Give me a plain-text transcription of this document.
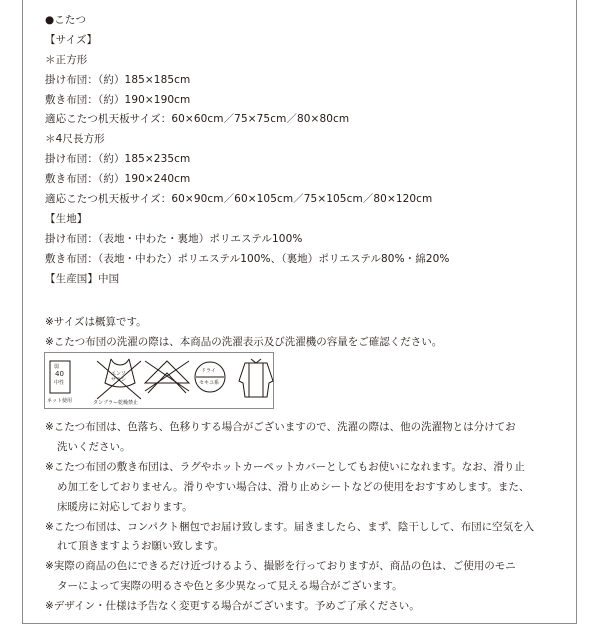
●こたつ
【サイズ】
＊正方形
掛け布団：（約）185×185cm
敷き布団：（約）190×190cm
適応こたつ机天板サイズ：60×60cm／75×75cm／80×80cm
＊4尺長方形
掛け布団：（約）185×235cm
敷き布団：（約）190×240cm
適応こたつ机天板サイズ：60×90cm／60×105cm／75×105cm／80×120cm
【生地】
掛け布団：（表地・中わた・裏地）ポリエステル100%
敷き布団：（表地・中わた）ポリエステル100%、（裏地）ポリエステル80%・綿20%
【生産国】中国
※サイズは概算です。
※こたつ布団の洗濯の際は、本商品の洗濯表示及び洗濯機の容量をご確認ください。
弱
40
中性
ネット使用
エンソ サラシ
タンブラー乾燥禁止
ドライ
セキユ系

※こたつ布団は、色落ち、色移りする場合がございますので、洗濯の際は、他の洗濯物とは分けてお
洗いください。

※こたつ布団の敷き布団は、ラグやホットカーペットカバーとしてもお使いになれます。なお、滑り止
め加工をしておりません。滑りやすい場合は、滑り止めシートなどの使用をおすすめします。また、
床暖房に対応しております。

※こたつ布団は、コンパクト梱包でお届け致します。届きましたら、まず、陰干しして、布団に空気を入
れて頂きますようお願い致します。

※実際の商品の色にできるだけ近づけるよう、撮影を行っておりますが、商品の色は、ご使用のモニ
ターによって実際の明るさや色と多少異なって見える場合がございます。

※デザイン・仕様は予告なく変更する場合がございます。予めご了承ください。
